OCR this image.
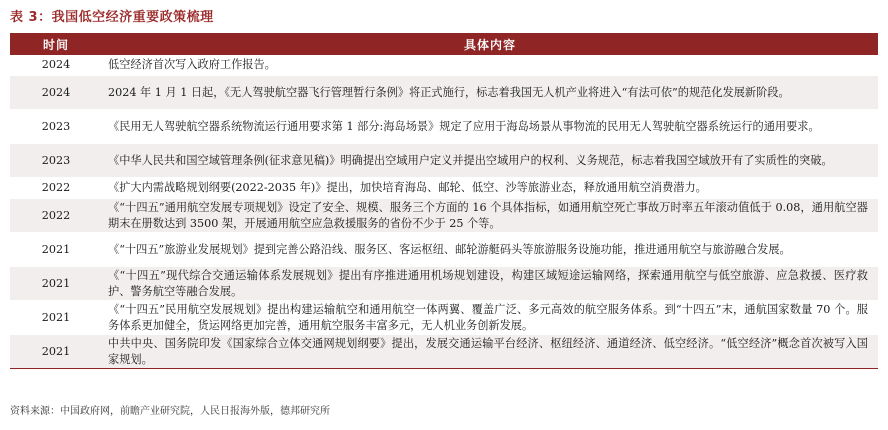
表 3：我国低空经济重要政策梳理
时间	具体内容
2024	低空经济首次写入政府工作报告。
2024	2024 年 1 月 1 日起，《无人驾驶航空器飞行管理暂行条例》将正式施行，标志着我国无人机产业将进入“有法可依”的规范化发展新阶段。
2023	《民用无人驾驶航空器系统物流运行通用要求第 1 部分:海岛场景》规定了应用于海岛场景从事物流的民用无人驾驶航空器系统运行的通用要求。
2023	《中华人民共和国空域管理条例(征求意见稿)》明确提出空域用户定义并提出空域用户的权利、义务规范，标志着我国空域放开有了实质性的突破。
2022	《扩大内需战略规划纲要(2022-2035 年)》提出，加快培育海岛、邮轮、低空、沙等旅游业态，释放通用航空消费潜力。
2022	《“十四五”通用航空发展专项规划》设定了安全、规模、服务三个方面的 16 个具体指标，如通用航空死亡事故万时率五年滚动值低于 0.08，通用航空器期末在册数达到 3500 架，开展通用航空应急救援服务的省份不少于 25 个等。
2021	《“十四五”旅游业发展规划》提到完善公路沿线、服务区、客运枢纽、邮轮游艇码头等旅游服务设施功能，推进通用航空与旅游融合发展。
2021	《“十四五”现代综合交通运输体系发展规划》提出有序推进通用机场规划建设，构建区域短途运输网络，探索通用航空与低空旅游、应急救援、医疗救护、警务航空等融合发展。
2021	《“十四五”民用航空发展规划》提出构建运输航空和通用航空一体两翼、覆盖广泛、多元高效的航空服务体系。到“十四五”末，通航国家数量 70 个。服务体系更加健全，货运网络更加完善，通用航空服务丰富多元，无人机业务创新发展。
2021	中共中央、国务院印发《国家综合立体交通网规划纲要》提出，发展交通运输平台经济、枢纽经济、通道经济、低空经济。“低空经济”概念首次被写入国家规划。
资料来源：中国政府网，前瞻产业研究院，人民日报海外版，德邦研究所
